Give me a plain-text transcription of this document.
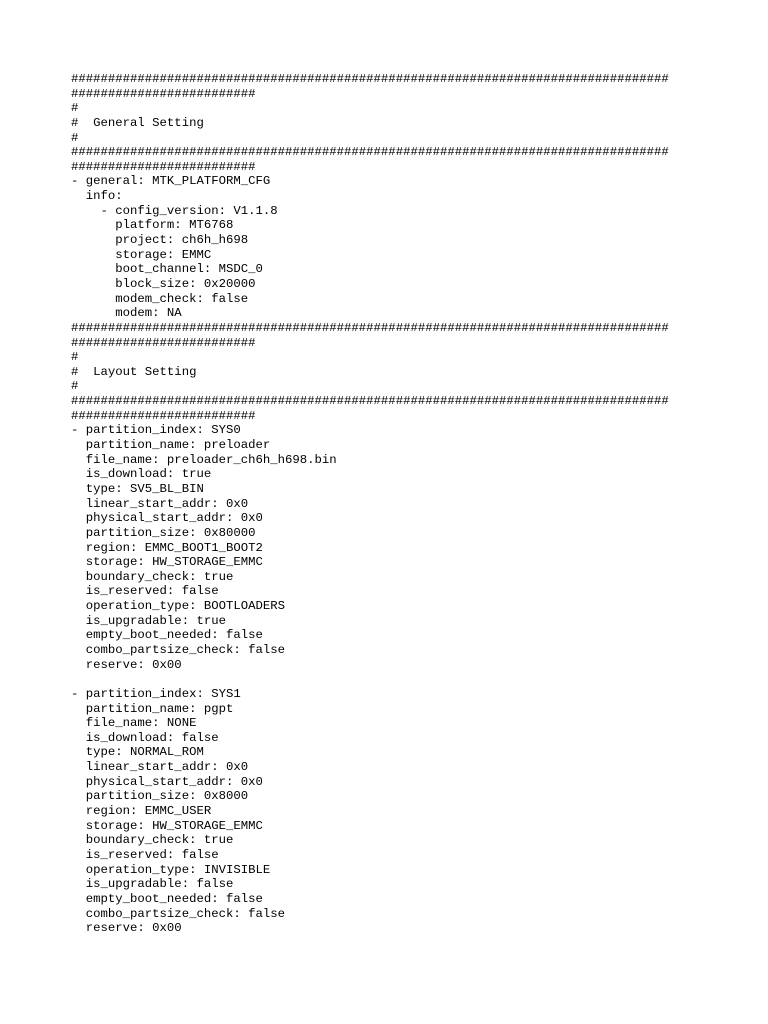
#################################################################################
#########################
#
#  General Setting
#
#################################################################################
#########################
- general: MTK_PLATFORM_CFG
info:
- config_version: V1.1.8
platform: MT6768
project: ch6h_h698
storage: EMMC
boot_channel: MSDC_0
block_size: 0x20000
modem_check: false
modem: NA
#################################################################################
#########################
#
#  Layout Setting
#
#################################################################################
#########################
- partition_index: SYS0
partition_name: preloader
file_name: preloader_ch6h_h698.bin
is_download: true
type: SV5_BL_BIN
linear_start_addr: 0x0
physical_start_addr: 0x0
partition_size: 0x80000
region: EMMC_BOOT1_BOOT2
storage: HW_STORAGE_EMMC
boundary_check: true
is_reserved: false
operation_type: BOOTLOADERS
is_upgradable: true
empty_boot_needed: false
combo_partsize_check: false
reserve: 0x00
- partition_index: SYS1
partition_name: pgpt
file_name: NONE
is_download: false
type: NORMAL_ROM
linear_start_addr: 0x0
physical_start_addr: 0x0
partition_size: 0x8000
region: EMMC_USER
storage: HW_STORAGE_EMMC
boundary_check: true
is_reserved: false
operation_type: INVISIBLE
is_upgradable: false
empty_boot_needed: false
combo_partsize_check: false
reserve: 0x00
